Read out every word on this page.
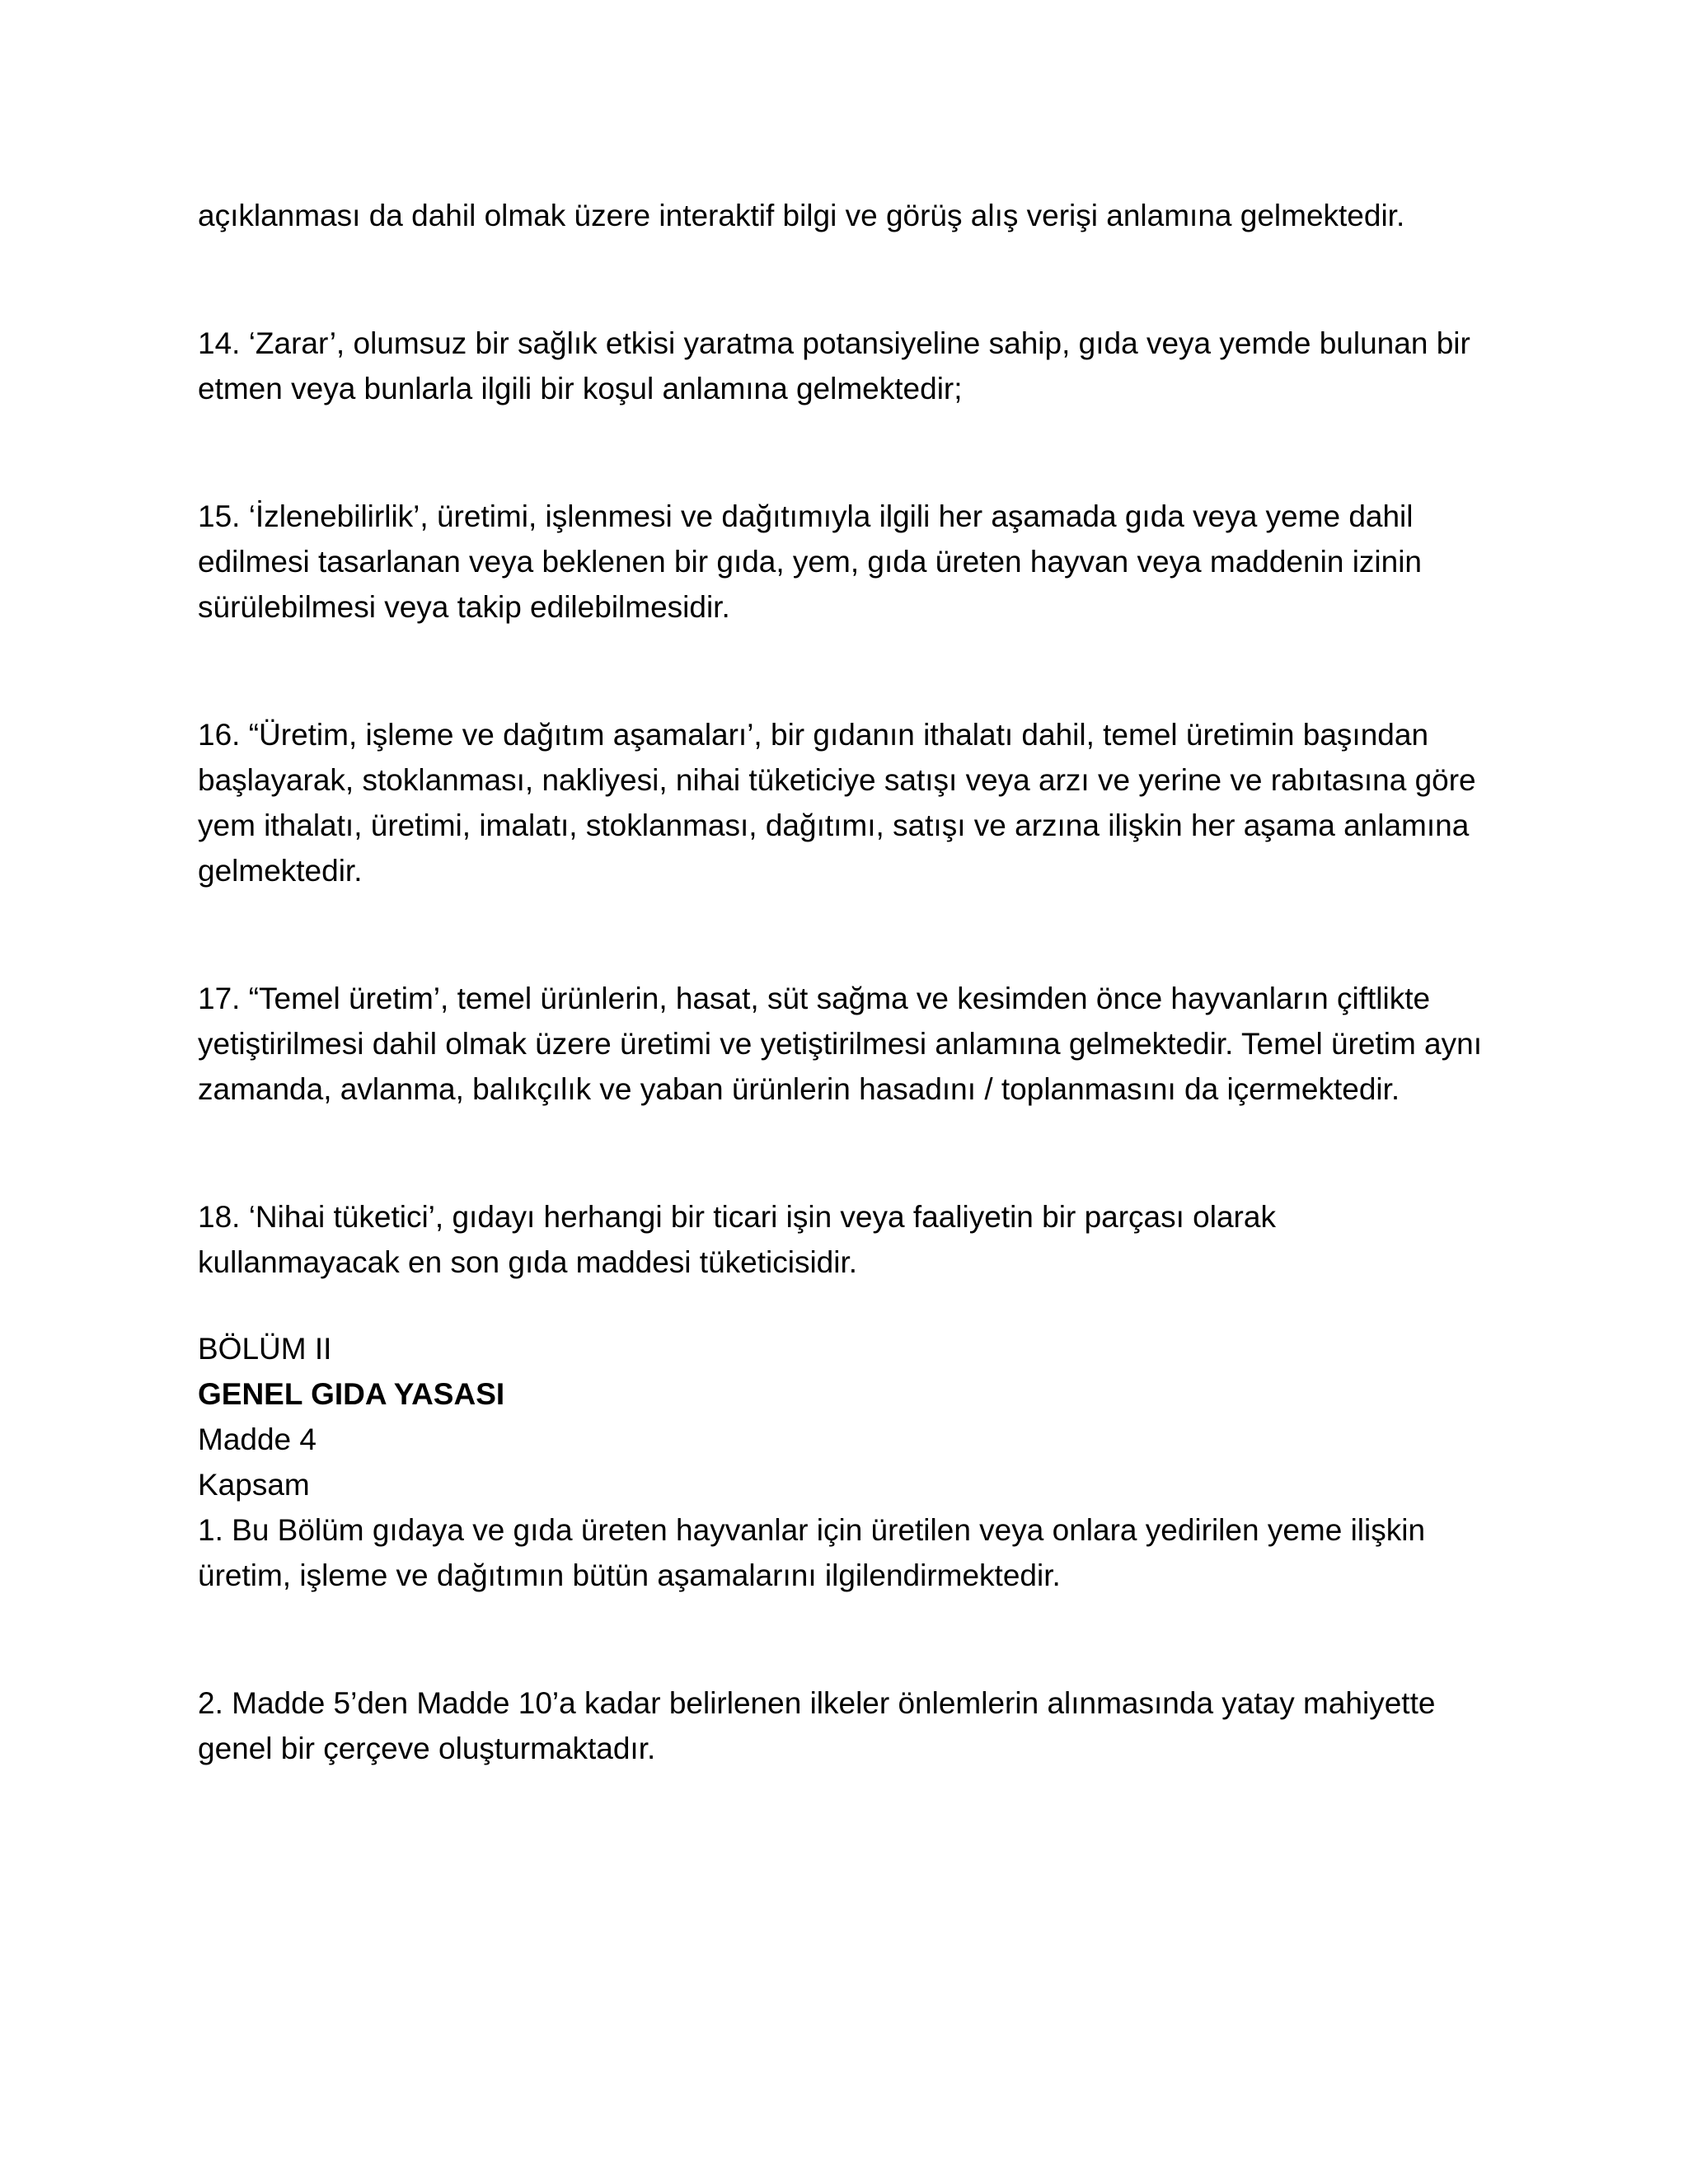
açıklanması da dahil olmak üzere interaktif bilgi ve görüş alış verişi anlamına gelmektedir.

14. ‘Zarar’, olumsuz bir sağlık etkisi yaratma potansiyeline sahip, gıda veya yemde bulunan bir etmen veya bunlarla ilgili bir koşul anlamına gelmektedir;

15. ‘İzlenebilirlik’, üretimi, işlenmesi ve dağıtımıyla ilgili her aşamada gıda veya yeme dahil edilmesi tasarlanan veya beklenen bir gıda, yem, gıda üreten hayvan veya maddenin izinin sürülebilmesi veya takip edilebilmesidir.

16. “Üretim, işleme ve dağıtım aşamaları’, bir gıdanın ithalatı dahil, temel üretimin başından başlayarak, stoklanması, nakliyesi, nihai tüketiciye satışı veya arzı ve yerine ve rabıtasına göre yem ithalatı, üretimi, imalatı, stoklanması, dağıtımı, satışı ve arzına ilişkin her aşama anlamına gelmektedir.

17. “Temel üretim’, temel ürünlerin, hasat, süt sağma ve kesimden önce hayvanların çiftlikte yetiştirilmesi dahil olmak üzere üretimi ve yetiştirilmesi anlamına gelmektedir. Temel üretim aynı zamanda, avlanma, balıkçılık ve yaban ürünlerin hasadını / toplanmasını da içermektedir.

18. ‘Nihai tüketici’, gıdayı herhangi bir ticari işin veya faaliyetin bir parçası olarak kullanmayacak en son gıda maddesi tüketicisidir.

BÖLÜM II

GENEL GIDA YASASI

Madde 4

Kapsam

1. Bu Bölüm gıdaya ve gıda üreten hayvanlar için üretilen veya onlara yedirilen yeme ilişkin üretim, işleme ve dağıtımın bütün aşamalarını ilgilendirmektedir.

2. Madde 5’den Madde 10’a kadar belirlenen ilkeler önlemlerin alınmasında yatay mahiyette genel bir çerçeve oluşturmaktadır.
